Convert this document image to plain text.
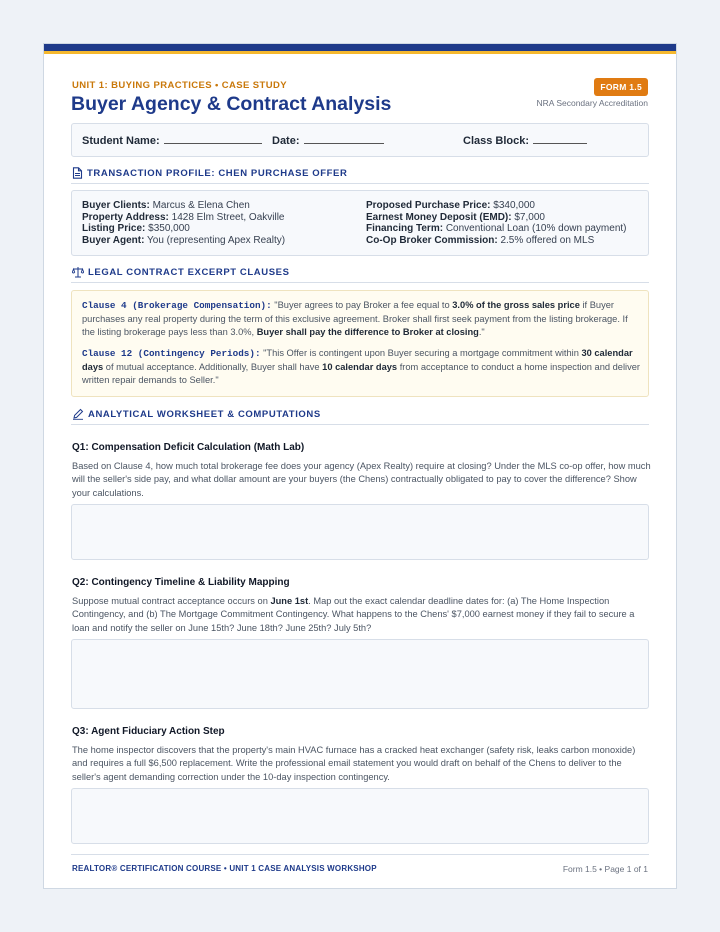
UNIT 1: BUYING PRACTICES • CASE STUDY
Buyer Agency & Contract Analysis
FORM 1.5
NRA Secondary Accreditation
Student Name:	Date:	Class Block:
TRANSACTION PROFILE: CHEN PURCHASE OFFER
Buyer Clients: Marcus & Elena Chen
Property Address: 1428 Elm Street, Oakville
Listing Price: $350,000
Buyer Agent: You (representing Apex Realty)
Proposed Purchase Price: $340,000
Earnest Money Deposit (EMD): $7,000
Financing Term: Conventional Loan (10% down payment)
Co-Op Broker Commission: 2.5% offered on MLS
LEGAL CONTRACT EXCERPT CLAUSES
Clause 4 (Brokerage Compensation): "Buyer agrees to pay Broker a fee equal to 3.0% of the gross sales price if Buyer purchases any real property during the term of this exclusive agreement. Broker shall first seek payment from the listing brokerage. If the listing brokerage pays less than 3.0%, Buyer shall pay the difference to Broker at closing."
Clause 12 (Contingency Periods): "This Offer is contingent upon Buyer securing a mortgage commitment within 30 calendar days of mutual acceptance. Additionally, Buyer shall have 10 calendar days from acceptance to conduct a home inspection and deliver written repair demands to Seller."
ANALYTICAL WORKSHEET & COMPUTATIONS
Q1: Compensation Deficit Calculation (Math Lab)
Based on Clause 4, how much total brokerage fee does your agency (Apex Realty) require at closing? Under the MLS co-op offer, how much will the seller's side pay, and what dollar amount are your buyers (the Chens) contractually obligated to pay to cover the difference? Show your calculations.
Q2: Contingency Timeline & Liability Mapping
Suppose mutual contract acceptance occurs on June 1st. Map out the exact calendar deadline dates for: (a) The Home Inspection Contingency, and (b) The Mortgage Commitment Contingency. What happens to the Chens' $7,000 earnest money if they fail to secure a loan and notify the seller on June 15th? June 18th? June 25th? July 5th?
Q3: Agent Fiduciary Action Step
The home inspector discovers that the property's main HVAC furnace has a cracked heat exchanger (safety risk, leaks carbon monoxide) and requires a full $6,500 replacement. Write the professional email statement you would draft on behalf of the Chens to deliver to the seller's agent demanding correction under the 10-day inspection contingency.
REALTOR® CERTIFICATION COURSE • UNIT 1 CASE ANALYSIS WORKSHOP	Form 1.5 • Page 1 of 1
